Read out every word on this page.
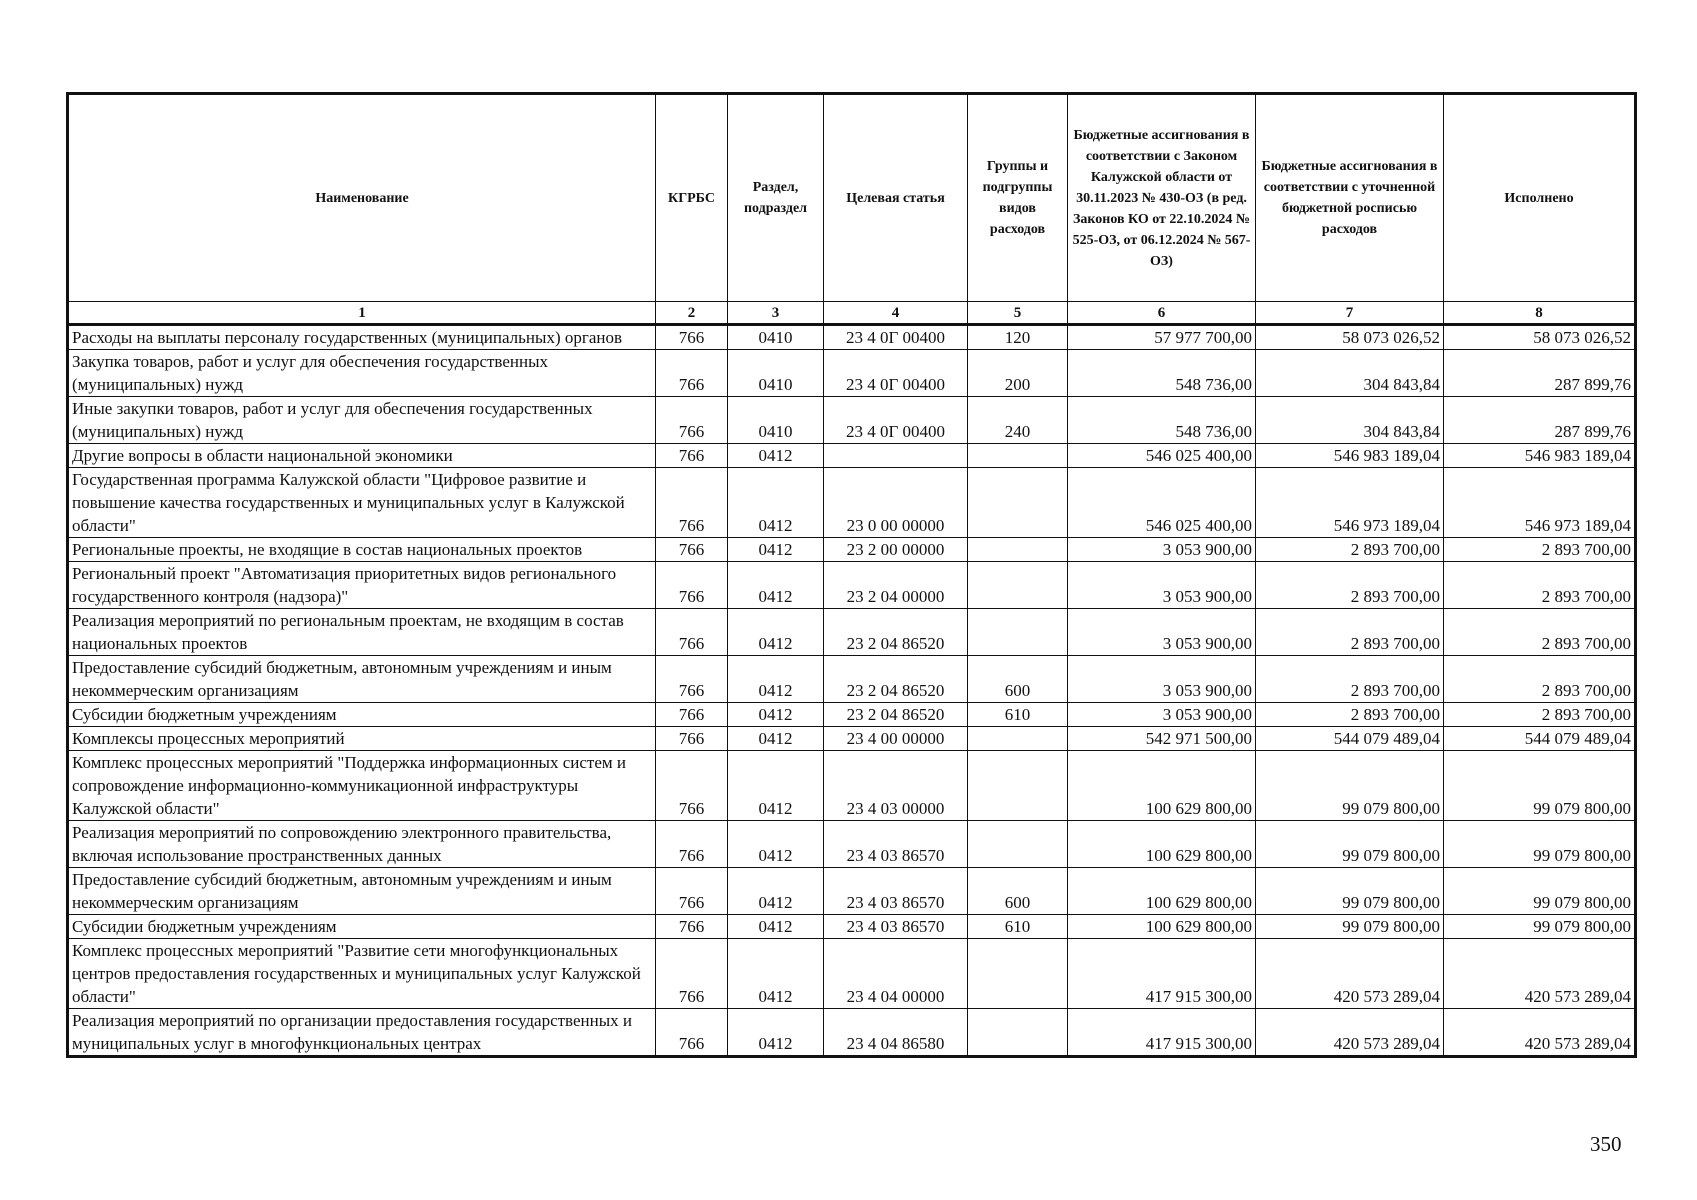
Наименование	КГРБС	Раздел, подраздел	Целевая статья	Группы и подгруппы видов расходов	Бюджетные ассигнования в соответствии с Законом Калужской области от 30.11.2023 № 430-ОЗ (в ред. Законов КО от 22.10.2024 № 525-ОЗ, от 06.12.2024 № 567-ОЗ)	Бюджетные ассигнования в соответствии с уточненной бюджетной росписью расходов	Исполнено
1	2	3	4	5	6	7	8
Расходы на выплаты персоналу государственных (муниципальных) органов	766	0410	23 4 0Г 00400	120	57 977 700,00	58 073 026,52	58 073 026,52
Закупка товаров, работ и услуг для обеспечения государственных (муниципальных) нужд	766	0410	23 4 0Г 00400	200	548 736,00	304 843,84	287 899,76
Иные закупки товаров, работ и услуг для обеспечения государственных (муниципальных) нужд	766	0410	23 4 0Г 00400	240	548 736,00	304 843,84	287 899,76
Другие вопросы в области национальной экономики	766	0412			546 025 400,00	546 983 189,04	546 983 189,04
Государственная программа Калужской области "Цифровое развитие и повышение качества государственных и муниципальных услуг в Калужской области"	766	0412	23 0 00 00000		546 025 400,00	546 973 189,04	546 973 189,04
Региональные проекты, не входящие в состав национальных проектов	766	0412	23 2 00 00000		3 053 900,00	2 893 700,00	2 893 700,00
Региональный проект "Автоматизация приоритетных видов регионального государственного контроля (надзора)"	766	0412	23 2 04 00000		3 053 900,00	2 893 700,00	2 893 700,00
Реализация мероприятий по региональным проектам, не входящим в состав национальных проектов	766	0412	23 2 04 86520		3 053 900,00	2 893 700,00	2 893 700,00
Предоставление субсидий бюджетным, автономным учреждениям и иным некоммерческим организациям	766	0412	23 2 04 86520	600	3 053 900,00	2 893 700,00	2 893 700,00
Субсидии бюджетным учреждениям	766	0412	23 2 04 86520	610	3 053 900,00	2 893 700,00	2 893 700,00
Комплексы процессных мероприятий	766	0412	23 4 00 00000		542 971 500,00	544 079 489,04	544 079 489,04
Комплекс процессных мероприятий "Поддержка информационных систем и сопровождение информационно-коммуникационной инфраструктуры Калужской области"	766	0412	23 4 03 00000		100 629 800,00	99 079 800,00	99 079 800,00
Реализация мероприятий по сопровождению электронного правительства, включая использование пространственных данных	766	0412	23 4 03 86570		100 629 800,00	99 079 800,00	99 079 800,00
Предоставление субсидий бюджетным, автономным учреждениям и иным некоммерческим организациям	766	0412	23 4 03 86570	600	100 629 800,00	99 079 800,00	99 079 800,00
Субсидии бюджетным учреждениям	766	0412	23 4 03 86570	610	100 629 800,00	99 079 800,00	99 079 800,00
Комплекс процессных мероприятий "Развитие сети многофункциональных центров предоставления государственных и муниципальных услуг Калужской области"	766	0412	23 4 04 00000		417 915 300,00	420 573 289,04	420 573 289,04
Реализация мероприятий по организации предоставления государственных и муниципальных услуг в многофункциональных центрах	766	0412	23 4 04 86580		417 915 300,00	420 573 289,04	420 573 289,04
350
